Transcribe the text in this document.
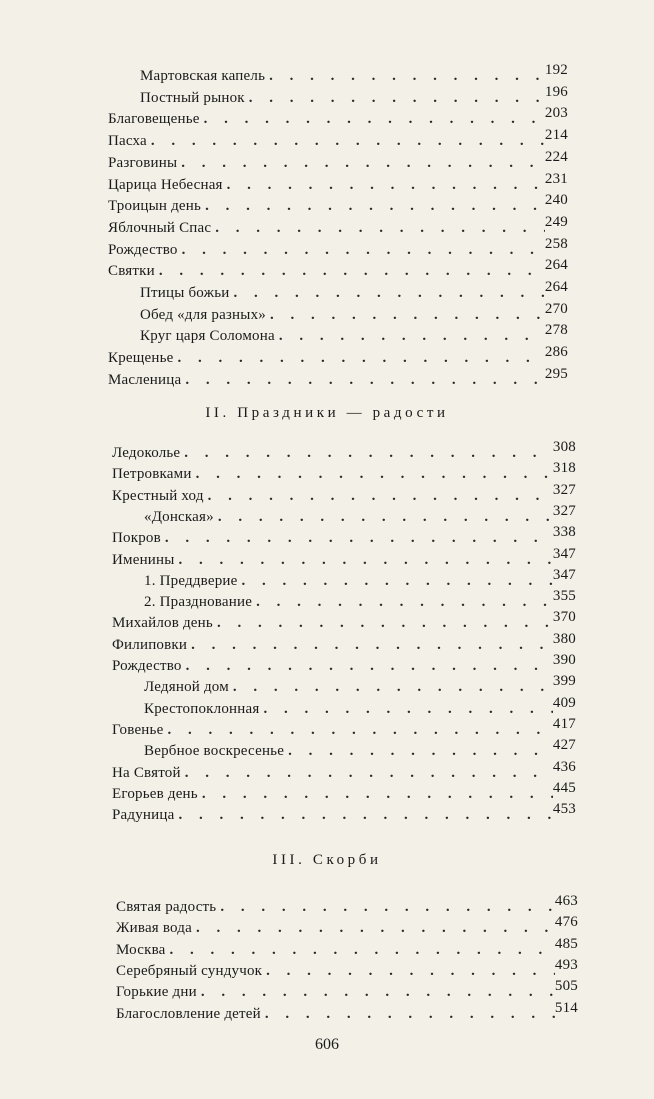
Мартовская капель . . .	192
Постный рынок . . .	196
Благовещенье . . .	203
Пасха . . .	214
Разговины . . .	224
Царица Небесная . . .	231
Троицын день . . .	240
Яблочный Спас . . .	249
Рождество . . .	258
Святки . . .	264
Птицы божьи . . .	264
Обед «для разных» . . .	270
Круг царя Соломона . . .	278
Крещенье . . .	286
Масленица . . .	295
II. Праздники — радости
Ледоколье . . .	308
Петровками . . .	318
Крестный ход . . .	327
«Донская» . . .	327
Покров . . .	338
Именины . . .	347
1. Преддверие . . .	347
2. Празднование . . .	355
Михайлов день . . .	370
Филиповки . . .	380
Рождество . . .	390
Ледяной дом . . .	399
Крестопоклонная . . .	409
Говенье . . .	417
Вербное воскресенье . . .	427
На Святой . . .	436
Егорьев день . . .	445
Радуница . . .	453
III. Скорби
Святая радость . . .	463
Живая вода . . .	476
Москва . . .	485
Серебряный сундучок . . .	493
Горькие дни . . .	505
Благословление детей . . .	514
606
